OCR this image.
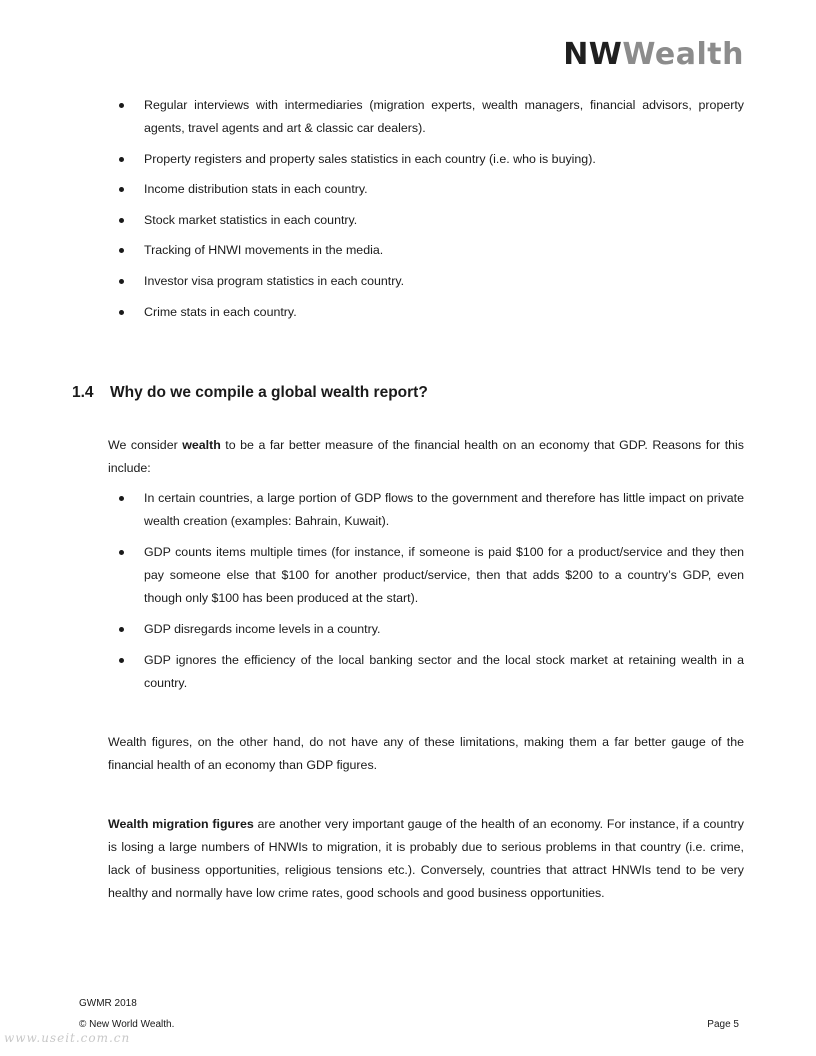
NWWealth
Regular interviews with intermediaries (migration experts, wealth managers, financial advisors, property agents, travel agents and art & classic car dealers).
Property registers and property sales statistics in each country (i.e. who is buying).
Income distribution stats in each country.
Stock market statistics in each country.
Tracking of HNWI movements in the media.
Investor visa program statistics in each country.
Crime stats in each country.
1.4 Why do we compile a global wealth report?

We consider wealth to be a far better measure of the financial health on an economy that GDP. Reasons for this include:

In certain countries, a large portion of GDP flows to the government and therefore has little impact on private wealth creation (examples: Bahrain, Kuwait).
GDP counts items multiple times (for instance, if someone is paid $100 for a product/service and they then pay someone else that $100 for another product/service, then that adds $200 to a country’s GDP, even though only $100 has been produced at the start).
GDP disregards income levels in a country.
GDP ignores the efficiency of the local banking sector and the local stock market at retaining wealth in a country.

Wealth figures, on the other hand, do not have any of these limitations, making them a far better gauge of the financial health of an economy than GDP figures.

Wealth migration figures are another very important gauge of the health of an economy. For instance, if a country is losing a large numbers of HNWIs to migration, it is probably due to serious problems in that country (i.e. crime, lack of business opportunities, religious tensions etc.). Conversely, countries that attract HNWIs tend to be very healthy and normally have low crime rates, good schools and good business opportunities.

GWMR 2018
© New World Wealth.	Page 5
www.useit.com.cn
